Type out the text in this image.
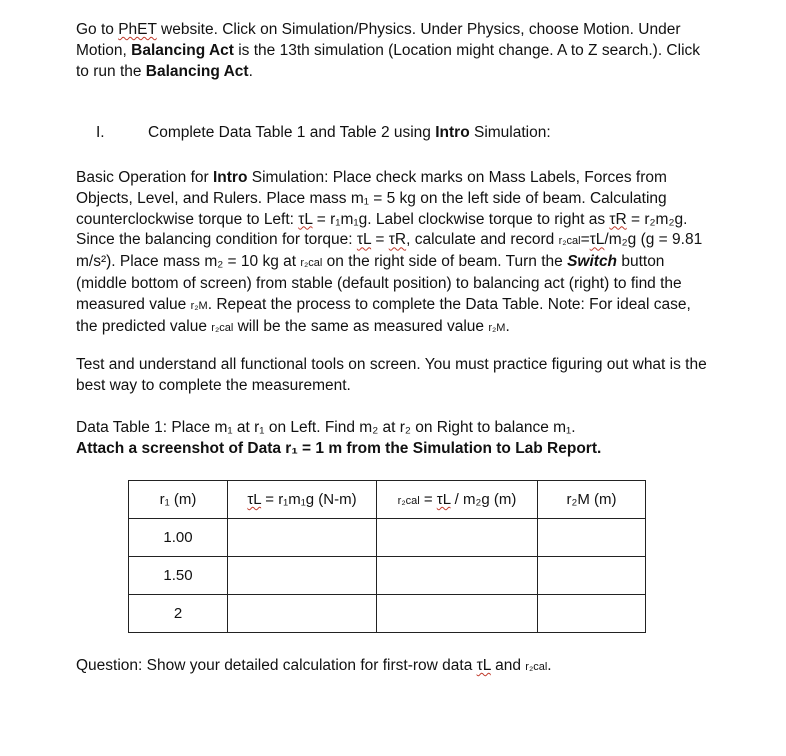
Go to PhET website. Click on Simulation/Physics. Under Physics, choose Motion. Under Motion, Balancing Act is the 13th simulation (Location might change. A to Z search.). Click to run the Balancing Act.
I.	Complete Data Table 1 and Table 2 using Intro Simulation:
Basic Operation for Intro Simulation: Place check marks on Mass Labels, Forces from Objects, Level, and Rulers. Place mass m₁ = 5 kg on the left side of beam. Calculating counterclockwise torque to Left: τL = r₁m₁g. Label clockwise torque to right as τR = r₂m₂g. Since the balancing condition for torque: τL = τR, calculate and record r₂cal=τL/m₂g (g = 9.81 m/s²). Place mass m₂ = 10 kg at r₂cal on the right side of beam. Turn the Switch button (middle bottom of screen) from stable (default position) to balancing act (right) to find the measured value r₂M. Repeat the process to complete the Data Table. Note: For ideal case, the predicted value r₂cal will be the same as measured value r₂M.
Test and understand all functional tools on screen. You must practice figuring out what is the best way to complete the measurement.
Data Table 1: Place m₁ at r₁ on Left. Find m₂ at r₂ on Right to balance m₁.
Attach a screenshot of Data r₁ = 1 m from the Simulation to Lab Report.
r₁ (m)	τL = r₁m₁g (N-m)	r₂cal = τL / m₂g (m)	r₂M (m)
1.00			
1.50			
2			
Question: Show your detailed calculation for first-row data τL and r₂cal.
